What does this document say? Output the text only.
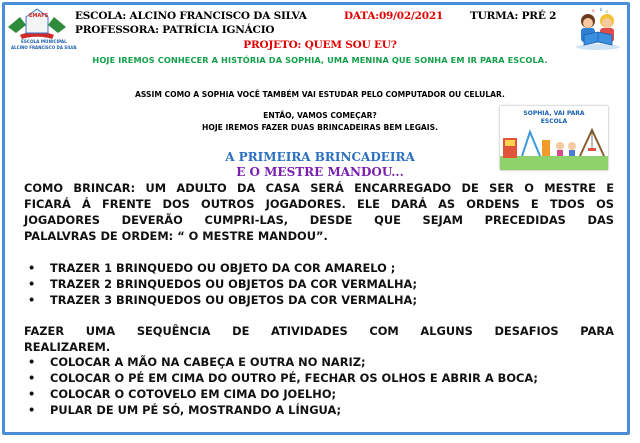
EMAFS
ESCOLA MUNICIPAL
ALCINO FRANCISCO DA SILVA
ESCOLA: ALCINO FRANCISCO DA SILVA	DATA:09/02/2021	TURMA: PRÉ 2
PROFESSORA: PATRÍCIA IGNÁCIO
PROJETO: QUEM SOU EU?
HOJE IREMOS CONHECER A HISTÓRIA DA SOPHIA, UMA MENINA QUE SONHA EM IR PARA ESCOLA.
a b c
ASSIM COMO A SOPHIA VOCÊ TAMBÉM VAI ESTUDAR PELO COMPUTADOR OU CELULAR.
ENTÃO, VAMOS COMEÇAR?
HOJE IREMOS FAZER DUAS BRINCADEIRAS BEM LEGAIS.
SOPHIA, VAI PARA ESCOLA
A PRIMEIRA BRINCADEIRA
E O MESTRE MANDOU...
COMO BRINCAR: UM ADULTO DA CASA SERÁ ENCARREGADO DE SER O MESTRE E
FICARÁ Á FRENTE DOS OUTROS JOGADORES. ELE DARÁ AS ORDENS E TDOS OS
JOGADORES DEVERÃO CUMPRI-LAS, DESDE QUE SEJAM PRECEDIDAS DAS
PALALVRAS DE ORDEM: “ O MESTRE MANDOU”.
• TRAZER 1 BRINQUEDO OU OBJETO DA COR AMARELO ;
• TRAZER 2 BRINQUEDOS OU OBJETOS DA COR VERMALHA;
• TRAZER 3 BRINQUEDOS OU OBJETOS DA COR VERMALHA;
FAZER UMA SEQUÊNCIA DE ATIVIDADES COM ALGUNS DESAFIOS PARA
REALIZAREM.
• COLOCAR A MÃO NA CABEÇA E OUTRA NO NARIZ;
• COLOCAR O PÉ EM CIMA DO OUTRO PÉ, FECHAR OS OLHOS E ABRIR A BOCA;
• COLOCAR O COTOVELO EM CIMA DO JOELHO;
• PULAR DE UM PÉ SÓ, MOSTRANDO A LÍNGUA;
